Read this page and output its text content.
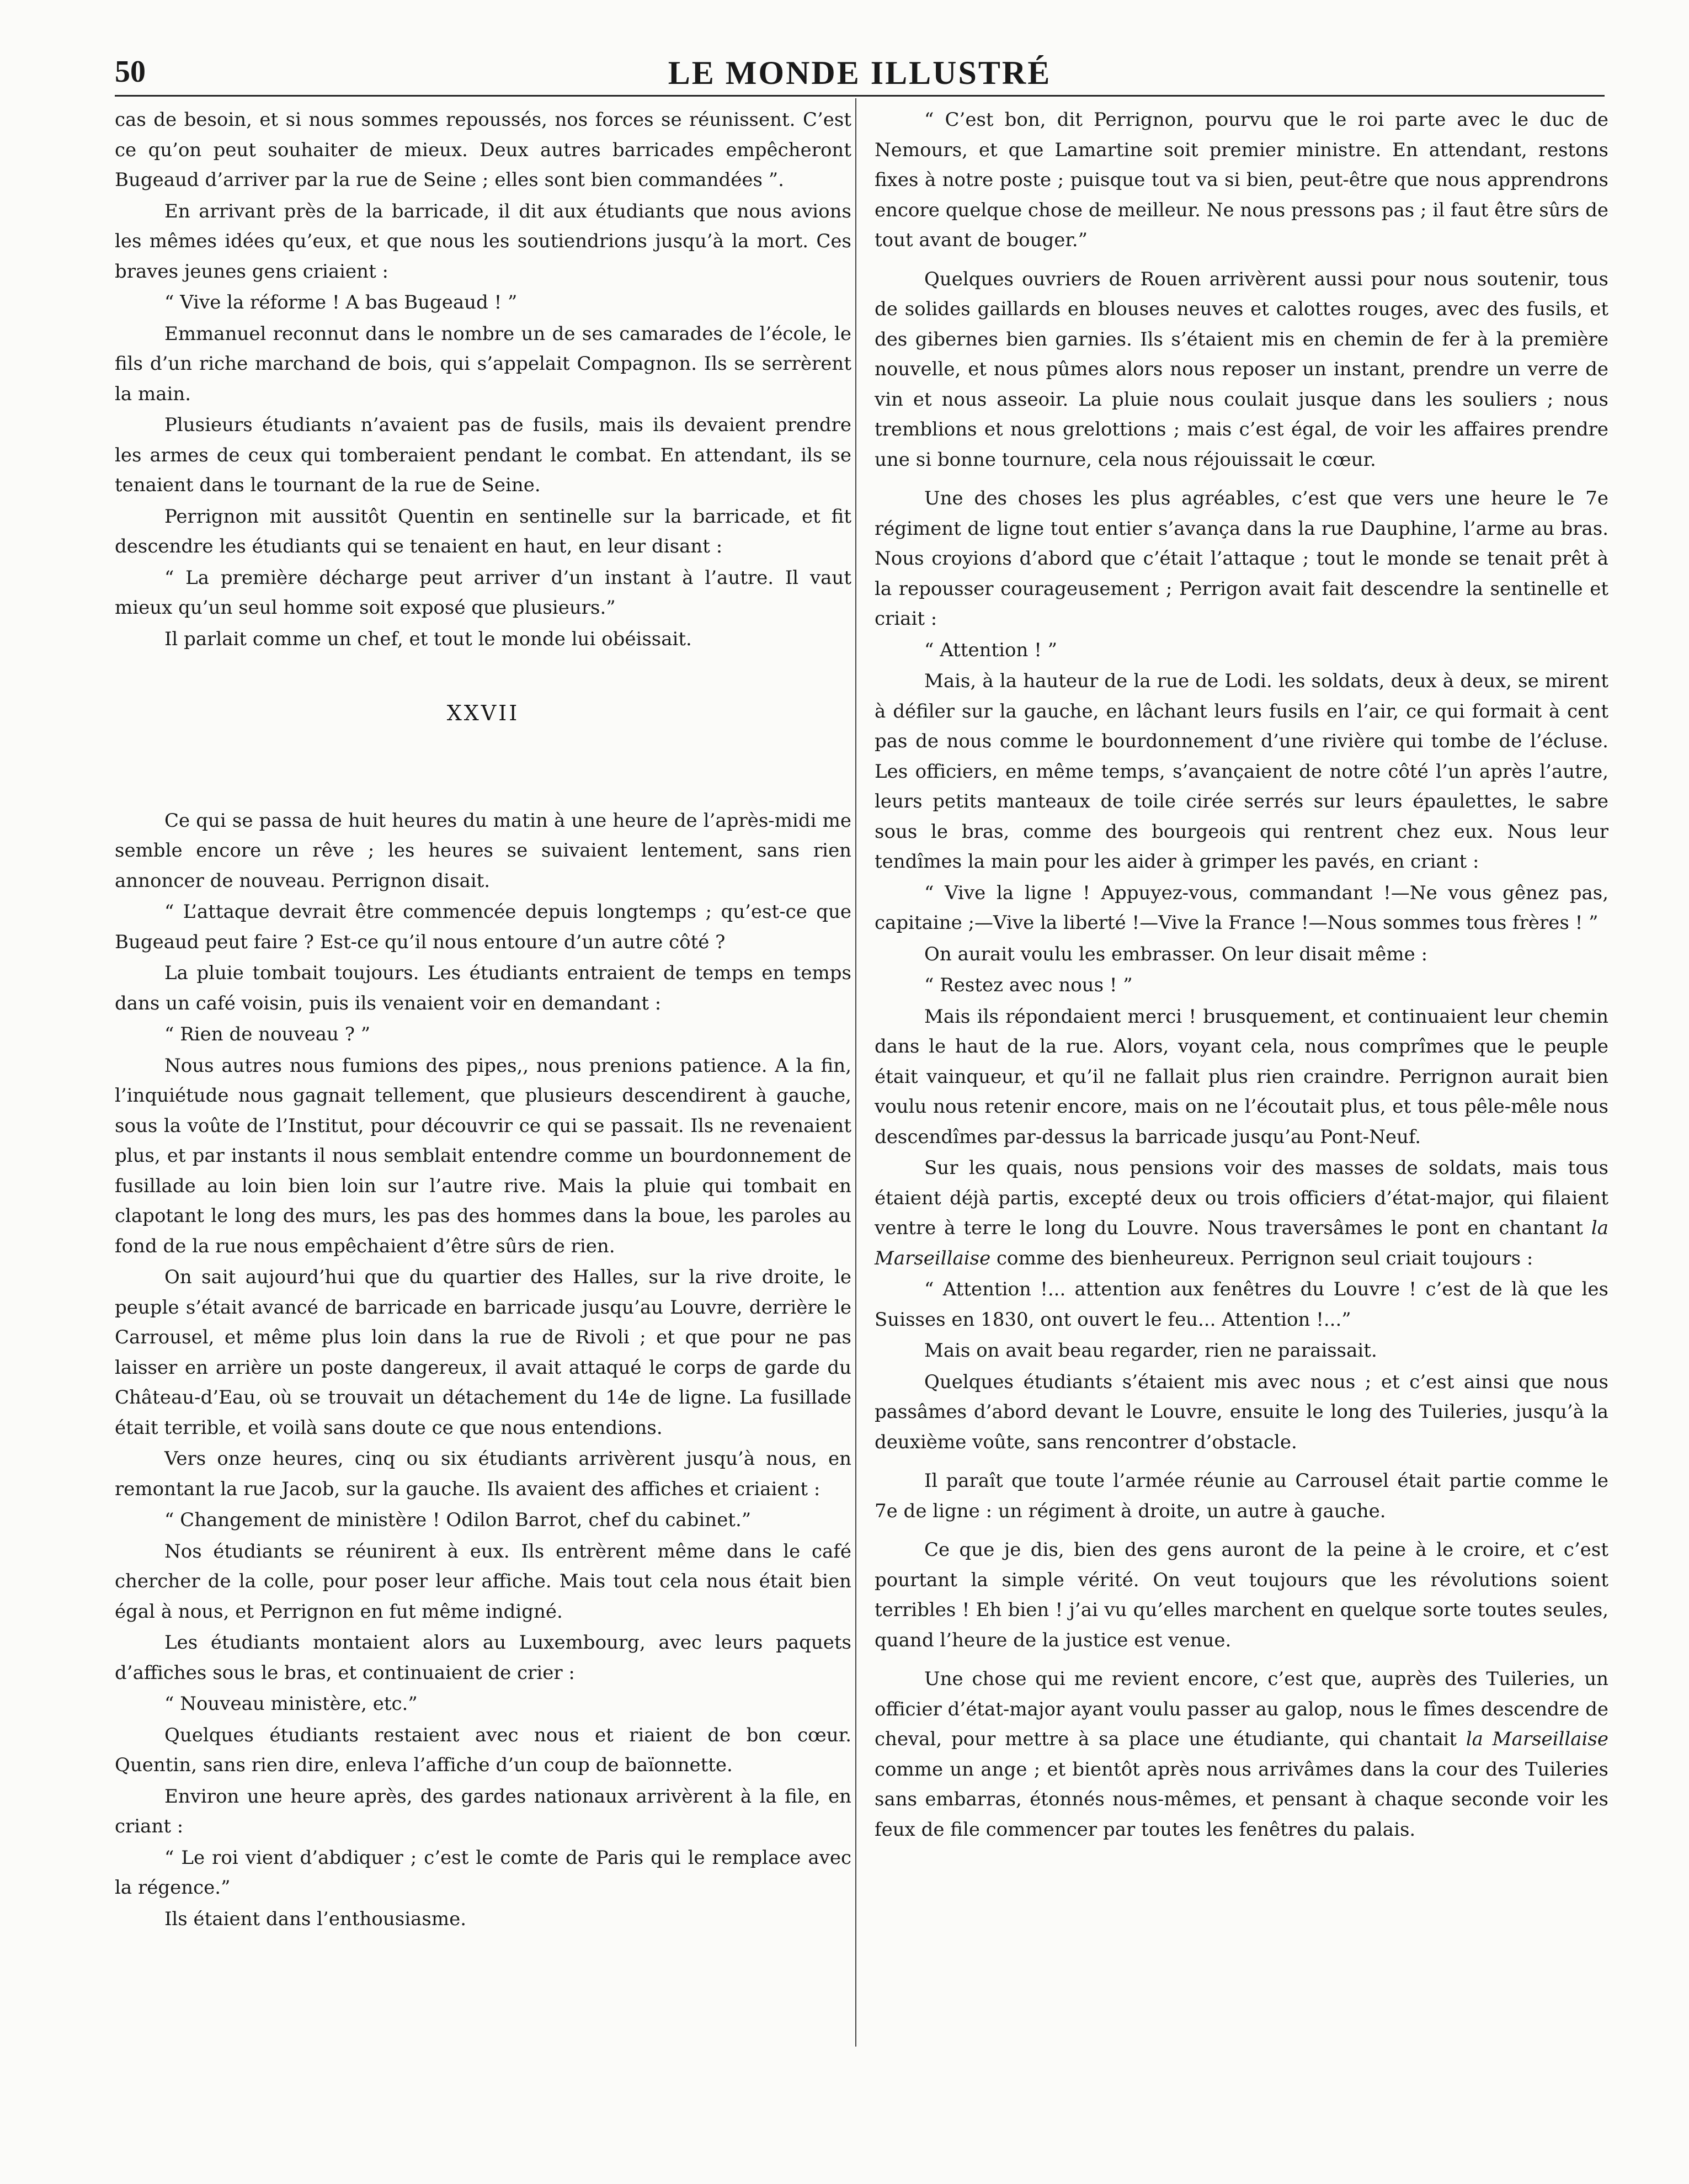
50	LE MONDE ILLUSTRÉ

cas de besoin, et si nous sommes repoussés, nos forces se réunissent. C’est ce qu’on peut souhaiter de mieux. Deux autres barricades empêcheront Bugeaud d’arriver par la rue de Seine ; elles sont bien commandées ”.

En arrivant près de la barricade, il dit aux étudiants que nous avions les mêmes idées qu’eux, et que nous les soutiendrions jusqu’à la mort. Ces braves jeunes gens criaient :

“ Vive la réforme ! A bas Bugeaud ! ”

Emmanuel reconnut dans le nombre un de ses camarades de l’école, le fils d’un riche marchand de bois, qui s’appelait Compagnon. Ils se serrèrent la main.

Plusieurs étudiants n’avaient pas de fusils, mais ils devaient prendre les armes de ceux qui tomberaient pendant le combat. En attendant, ils se tenaient dans le tournant de la rue de Seine.

Perrignon mit aussitôt Quentin en sentinelle sur la barricade, et fit descendre les étudiants qui se tenaient en haut, en leur disant :

“ La première décharge peut arriver d’un instant à l’autre. Il vaut mieux qu’un seul homme soit exposé que plusieurs.”

Il parlait comme un chef, et tout le monde lui obéissait.

XXVII

Ce qui se passa de huit heures du matin à une heure de l’après-midi me semble encore un rêve ; les heures se suivaient lentement, sans rien annoncer de nouveau. Perrignon disait.

“ L’attaque devrait être commencée depuis longtemps ; qu’est-ce que Bugeaud peut faire ? Est-ce qu’il nous entoure d’un autre côté ?

La pluie tombait toujours. Les étudiants entraient de temps en temps dans un café voisin, puis ils venaient voir en demandant :

“ Rien de nouveau ? ”

Nous autres nous fumions des pipes,, nous prenions patience. A la fin, l’inquiétude nous gagnait tellement, que plusieurs descendirent à gauche, sous la voûte de l’Institut, pour découvrir ce qui se passait. Ils ne revenaient plus, et par instants il nous semblait entendre comme un bourdonnement de fusillade au loin bien loin sur l’autre rive. Mais la pluie qui tombait en clapotant le long des murs, les pas des hommes dans la boue, les paroles au fond de la rue nous empêchaient d’être sûrs de rien.

On sait aujourd’hui que du quartier des Halles, sur la rive droite, le peuple s’était avancé de barricade en barricade jusqu’au Louvre, derrière le Carrousel, et même plus loin dans la rue de Rivoli ; et que pour ne pas laisser en arrière un poste dangereux, il avait attaqué le corps de garde du Château-d’Eau, où se trouvait un détachement du 14e de ligne. La fusillade était terrible, et voilà sans doute ce que nous entendions.

Vers onze heures, cinq ou six étudiants arrivèrent jusqu’à nous, en remontant la rue Jacob, sur la gauche. Ils avaient des affiches et criaient :

“ Changement de ministère ! Odilon Barrot, chef du cabinet.”

Nos étudiants se réunirent à eux. Ils entrèrent même dans le café chercher de la colle, pour poser leur affiche. Mais tout cela nous était bien égal à nous, et Perrignon en fut même indigné.

Les étudiants montaient alors au Luxembourg, avec leurs paquets d’affiches sous le bras, et continuaient de crier :

“ Nouveau ministère, etc.”

Quelques étudiants restaient avec nous et riaient de bon cœur. Quentin, sans rien dire, enleva l’affiche d’un coup de baïonnette.

Environ une heure après, des gardes nationaux arrivèrent à la file, en criant :

“ Le roi vient d’abdiquer ; c’est le comte de Paris qui le remplace avec la régence.”

Ils étaient dans l’enthousiasme.

“ C’est bon, dit Perrignon, pourvu que le roi parte avec le duc de Nemours, et que Lamartine soit premier ministre. En attendant, restons fixes à notre poste ; puisque tout va si bien, peut-être que nous apprendrons encore quelque chose de meilleur. Ne nous pressons pas ; il faut être sûrs de tout avant de bouger.”

Quelques ouvriers de Rouen arrivèrent aussi pour nous soutenir, tous de solides gaillards en blouses neuves et calottes rouges, avec des fusils, et des gibernes bien garnies. Ils s’étaient mis en chemin de fer à la première nouvelle, et nous pûmes alors nous reposer un instant, prendre un verre de vin et nous asseoir. La pluie nous coulait jusque dans les souliers ; nous tremblions et nous grelottions ; mais c’est égal, de voir les affaires prendre une si bonne tournure, cela nous réjouissait le cœur.

Une des choses les plus agréables, c’est que vers une heure le 7e régiment de ligne tout entier s’avança dans la rue Dauphine, l’arme au bras. Nous croyions d’abord que c’était l’attaque ; tout le monde se tenait prêt à la repousser courageusement ; Perrigon avait fait descendre la sentinelle et criait :

“ Attention ! ”

Mais, à la hauteur de la rue de Lodi. les soldats, deux à deux, se mirent à défiler sur la gauche, en lâchant leurs fusils en l’air, ce qui formait à cent pas de nous comme le bourdonnement d’une rivière qui tombe de l’écluse. Les officiers, en même temps, s’avançaient de notre côté l’un après l’autre, leurs petits manteaux de toile cirée serrés sur leurs épaulettes, le sabre sous le bras, comme des bourgeois qui rentrent chez eux. Nous leur tendîmes la main pour les aider à grimper les pavés, en criant :

“ Vive la ligne ! Appuyez-vous, commandant !—Ne vous gênez pas, capitaine ;—Vive la liberté !—Vive la France !—Nous sommes tous frères ! ”

On aurait voulu les embrasser. On leur disait même :

“ Restez avec nous ! ”

Mais ils répondaient merci ! brusquement, et continuaient leur chemin dans le haut de la rue. Alors, voyant cela, nous comprîmes que le peuple était vainqueur, et qu’il ne fallait plus rien craindre. Perrignon aurait bien voulu nous retenir encore, mais on ne l’écoutait plus, et tous pêle-mêle nous descendîmes par-dessus la barricade jusqu’au Pont-Neuf.

Sur les quais, nous pensions voir des masses de soldats, mais tous étaient déjà partis, excepté deux ou trois officiers d’état-major, qui filaient ventre à terre le long du Louvre. Nous traversâmes le pont en chantant la Marseillaise comme des bienheureux. Perrignon seul criait toujours :

“ Attention !... attention aux fenêtres du Louvre ! c’est de là que les Suisses en 1830, ont ouvert le feu... Attention !...”

Mais on avait beau regarder, rien ne paraissait.

Quelques étudiants s’étaient mis avec nous ; et c’est ainsi que nous passâmes d’abord devant le Louvre, ensuite le long des Tuileries, jusqu’à la deuxième voûte, sans rencontrer d’obstacle.

Il paraît que toute l’armée réunie au Carrousel était partie comme le 7e de ligne : un régiment à droite, un autre à gauche.

Ce que je dis, bien des gens auront de la peine à le croire, et c’est pourtant la simple vérité. On veut toujours que les révolutions soient terribles ! Eh bien ! j’ai vu qu’elles marchent en quelque sorte toutes seules, quand l’heure de la justice est venue.

Une chose qui me revient encore, c’est que, auprès des Tuileries, un officier d’état-major ayant voulu passer au galop, nous le fîmes descendre de cheval, pour mettre à sa place une étudiante, qui chantait la Marseillaise comme un ange ; et bientôt après nous arrivâmes dans la cour des Tuileries sans embarras, étonnés nous-mêmes, et pensant à chaque seconde voir les feux de file commencer par toutes les fenêtres du palais.
